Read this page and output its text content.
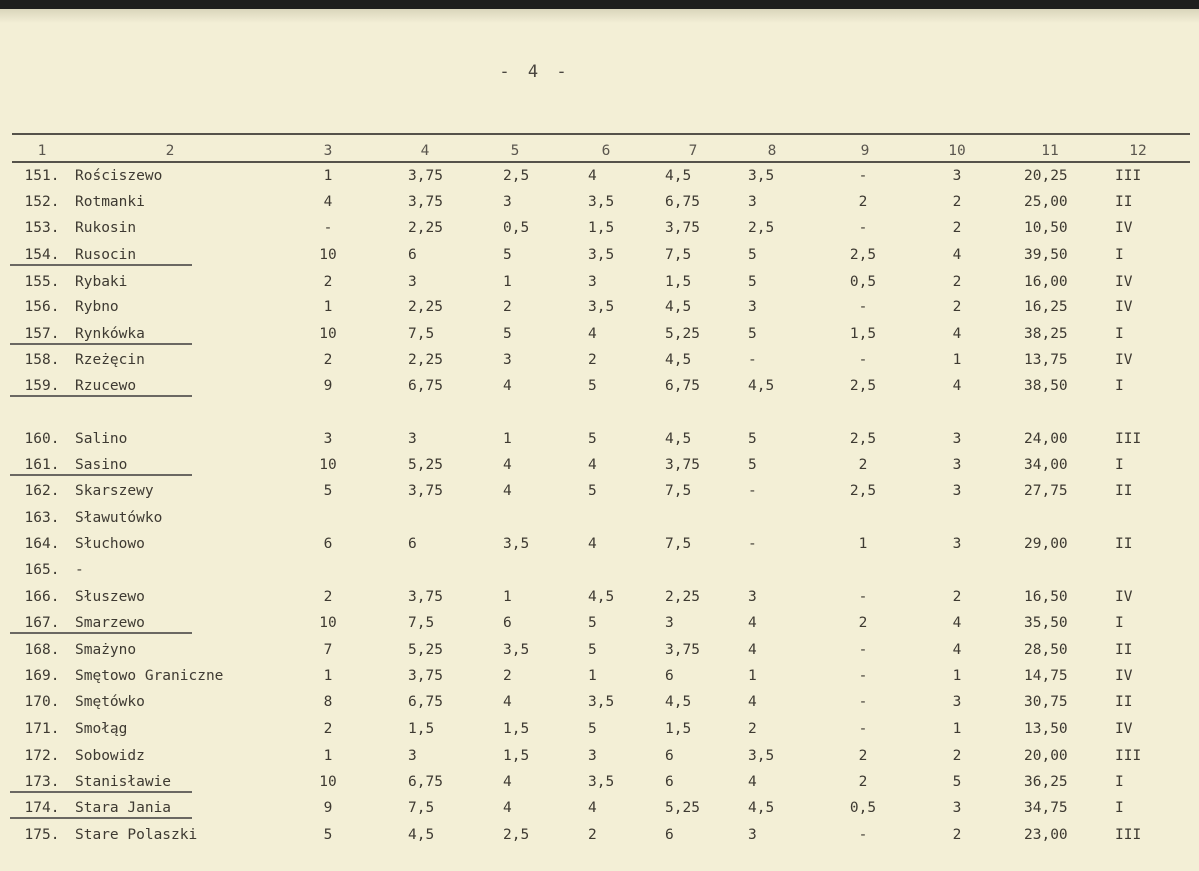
- 4 -
1	2	3	4	5	6	7	8	9	10	11	12
151.	Rościszewo	1	3,75	2,5	4	4,5	3,5	-	3	20,25	III
152.	Rotmanki	4	3,75	3	3,5	6,75	3	2	2	25,00	II
153.	Rukosin	-	2,25	0,5	1,5	3,75	2,5	-	2	10,50	IV
154.	Rusocin	10	6	5	3,5	7,5	5	2,5	4	39,50	I
155.	Rybaki	2	3	1	3	1,5	5	0,5	2	16,00	IV
156.	Rybno	1	2,25	2	3,5	4,5	3	-	2	16,25	IV
157.	Rynkówka	10	7,5	5	4	5,25	5	1,5	4	38,25	I
158.	Rzeżęcin	2	2,25	3	2	4,5	-	-	1	13,75	IV
159.	Rzucewo	9	6,75	4	5	6,75	4,5	2,5	4	38,50	I
160.	Salino	3	3	1	5	4,5	5	2,5	3	24,00	III
161.	Sasino	10	5,25	4	4	3,75	5	2	3	34,00	I
162.	Skarszewy	5	3,75	4	5	7,5	-	2,5	3	27,75	II
163.	Sławutówko
164.	Słuchowo	6	6	3,5	4	7,5	-	1	3	29,00	II
165.	-
166.	Słuszewo	2	3,75	1	4,5	2,25	3	-	2	16,50	IV
167.	Smarzewo	10	7,5	6	5	3	4	2	4	35,50	I
168.	Smażyno	7	5,25	3,5	5	3,75	4	-	4	28,50	II
169.	Smętowo Graniczne	1	3,75	2	1	6	1	-	1	14,75	IV
170.	Smętówko	8	6,75	4	3,5	4,5	4	-	3	30,75	II
171.	Smołąg	2	1,5	1,5	5	1,5	2	-	1	13,50	IV
172.	Sobowidz	1	3	1,5	3	6	3,5	2	2	20,00	III
173.	Stanisławie	10	6,75	4	3,5	6	4	2	5	36,25	I
174.	Stara Jania	9	7,5	4	4	5,25	4,5	0,5	3	34,75	I
175.	Stare Polaszki	5	4,5	2,5	2	6	3	-	2	23,00	III
